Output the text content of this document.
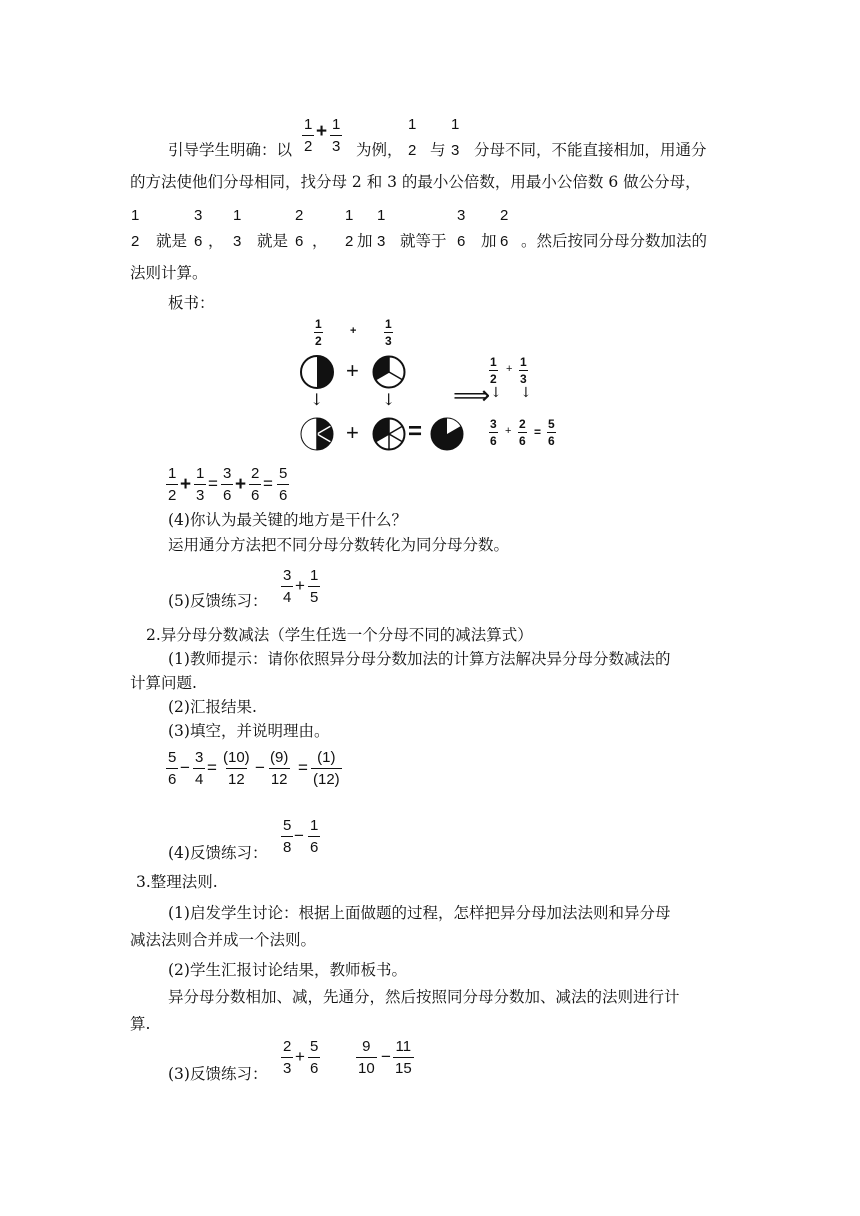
引导学生明确：以 $\frac{1}{2} + \frac{1}{3}$ 为例，
1
2 与
1
3 分母不同，不能直接相加，用通分
的方法使他们分母相同，找分母 2 和 3 的最小公倍数，用最小公倍数 6 做公分母，
1
2 就是
3
6 ，
1
3 就是
2
6 ，
1
2 加
1
3 就等于
3
6 加
2
6 。然后按同分母分数加法的
法则计算。
板书：
$\frac{1}{2} + \frac{1}{3}$
+
↓	↓
+ =
⟹
$\frac{1}{2} + \frac{1}{3}$
↓ ↓
$\frac{3}{6} + \frac{2}{6} = \frac{5}{6}$
$\frac{1}{2} + \frac{1}{3} = \frac{3}{6} + \frac{2}{6} = \frac{5}{6}$
(4)你认为最关键的地方是干什么？
运用通分方法把不同分母分数转化为同分母分数。
(5)反馈练习： $\frac{3}{4} + \frac{1}{5}$
2.异分母分数减法（学生任选一个分母不同的减法算式）
(1)教师提示：请你依照异分母分数加法的计算方法解决异分母分数减法的
计算问题.
(2)汇报结果.
(3)填空，并说明理由。
$\frac{5}{6} - \frac{3}{4} = \frac{(10)}{12} - \frac{(9)}{12} = \frac{(1)}{(12)}$
(4)反馈练习： $\frac{5}{8} - \frac{1}{6}$
3.整理法则.
(1)启发学生讨论：根据上面做题的过程，怎样把异分母加法法则和异分母
减法法则合并成一个法则。
(2)学生汇报讨论结果，教师板书。
异分母分数相加、减，先通分，然后按照同分母分数加、减法的法则进行计
算.
(3)反馈练习： $\frac{2}{3} + \frac{5}{6} \frac{9}{10} - \frac{11}{15}$
